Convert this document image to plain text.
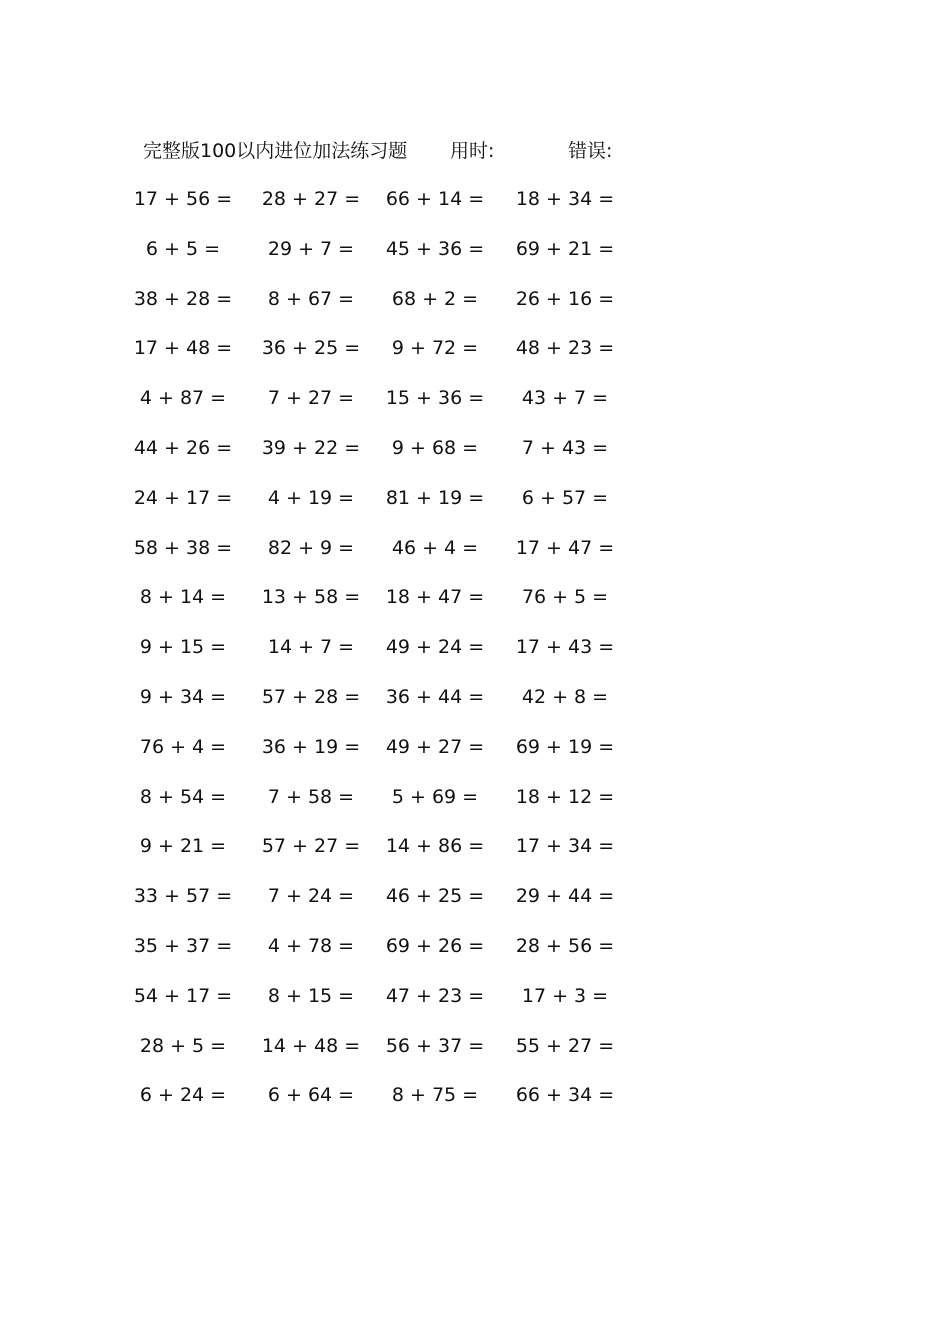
完整版100以内进位加法练习题 用时:	错误:
17 + 56 = 28 + 27 = 66 + 14 = 18 + 34 =
6 + 5 =	29 + 7 =	45 + 36 = 69 + 21 =
38 + 28 =	8 + 67 =	68 + 2 =	26 + 16 =
17 + 48 = 36 + 25 =	9 + 72 =	48 + 23 =
4 + 87 =	7 + 27 =	15 + 36 =	43 + 7 =
44 + 26 = 39 + 22 =	9 + 68 =	7 + 43 =
24 + 17 =	4 + 19 =	81 + 19 =	6 + 57 =
58 + 38 =	82 + 9 =	46 + 4 =	17 + 47 =
8 + 14 =	13 + 58 = 18 + 47 =	76 + 5 =
9 + 15 =	14 + 7 =	49 + 24 = 17 + 43 =
9 + 34 =	57 + 28 = 36 + 44 =	42 + 8 =
76 + 4 =	36 + 19 = 49 + 27 = 69 + 19 =
8 + 54 =	7 + 58 =	5 + 69 =	18 + 12 =
9 + 21 =	57 + 27 = 14 + 86 = 17 + 34 =
33 + 57 =	7 + 24 =	46 + 25 = 29 + 44 =
35 + 37 =	4 + 78 =	69 + 26 = 28 + 56 =
54 + 17 =	8 + 15 =	47 + 23 =	17 + 3 =
28 + 5 =	14 + 48 = 56 + 37 = 55 + 27 =
6 + 24 =	6 + 64 =	8 + 75 =	66 + 34 =
